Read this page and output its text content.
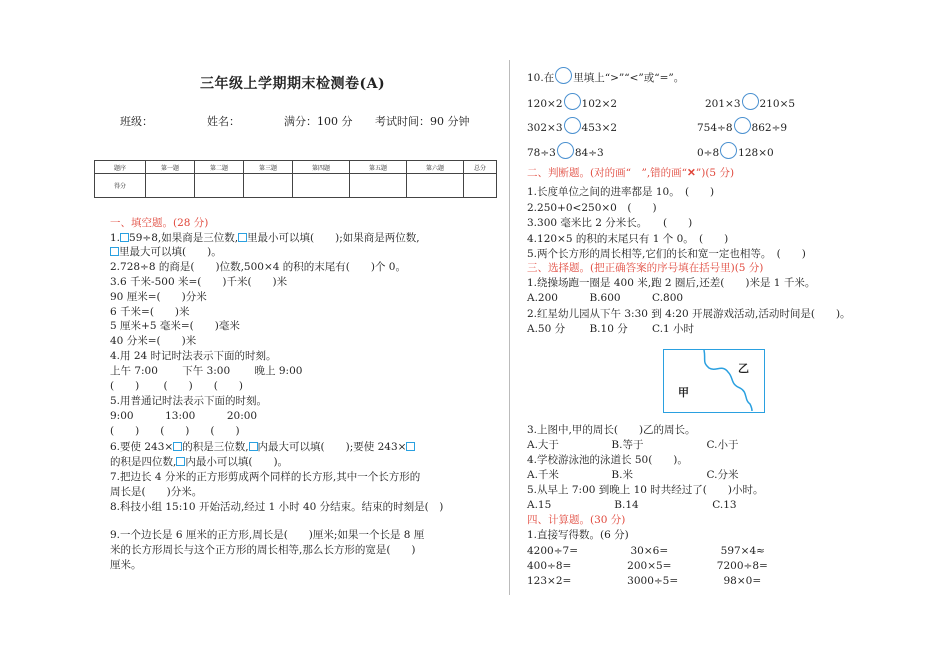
三年级上学期期末检测卷(A)
班级：	姓名：	满分：100 分 考试时间：90 分钟
题序	第一题	第二题	第三题	第四题	第五题	第六题	总分
得分							
一、填空题。(28 分)
1. 59÷8,如果商是三位数, 里最小可以填(　　);如果商是两位数,
里最大可以填(　　)。
2.728÷8 的商是(　　)位数,500×4 的积的末尾有(　　)个 0。
3.6 千米-500 米=(　　)千米(　　)米
90 厘米=(　　)分米
6 千米=(　　)米
5 厘米+5 毫米=(　　)毫米
40 分米=(　　)米
4.用 24 时记时法表示下面的时刻。
上午 7:00　　 下午 3:00　　 晚上 9:00
(　　)　　 (　　)　　(　　)
5.用普通记时法表示下面的时刻。
9:00　　　13:00　　　20:00
(　　)　　(　　)　　(　　)
6.要使 243× 的积是三位数, 内最大可以填(　　);要使 243×
的积是四位数, 内最小可以填(　　)。
7.把边长 4 分米的正方形剪成两个同样的长方形,其中一个长方形的
周长是(　　)分米。
8.科技小组 15:10 开始活动,经过 1 小时 40 分结束。结束的时刻是(　)
9.一个边长是 6 厘米的正方形,周长是(　　)厘米;如果一个长是 8 厘
米的长方形周长与这个正方形的周长相等,那么长方形的宽是(　　)
厘米。
10.在 里填上“>”“<”或“=”。
120×2 102×2	201×3 210×5
302×3 453×2	754÷8 862÷9
78÷3 84÷3	0÷8 128×0
二、判断题。(对的画“　”,错的画“✕”)(5 分)
1.长度单位之间的进率都是 10。　(　　)
2.250+0<250×0　(　　)
3.300 毫米比 2 分米长。　　(　　)
4.120×5 的积的末尾只有 1 个 0。　(　　)
5.两个长方形的周长相等,它们的长和宽一定也相等。　(　　)
三、选择题。(把正确答案的序号填在括号里)(5 分)
1.绕操场跑一圈是 400 米,跑 2 圈后,还差(　　)米是 1 千米。
A.200　　　B.600　　　C.800
2.红星幼儿园从下午 3:30 到 4:20 开展游戏活动,活动时间是(　　)。
A.50 分　　 B.10 分　　 C.1 小时
甲
乙
3.上图中,甲的周长(　　)乙的周长。
A.大于　　　　　B.等于　　　　　　C.小于
4.学校游泳池的泳道长 50(　　)。
A.千米　　　　　B.米　　　　　　　C.分米
5.从早上 7:00 到晚上 10 时共经过了(　　)小时。
A.15　　　　　　B.14　　　　　　　C.13
四、计算题。(30 分)
1.直接写得数。(6 分)
4200÷7=　　　　　30×6=　　　　　597×4≈
400÷8=　　　　　 200×5=　　　　 7200÷8=
123×2=　　　　　 3000÷5=　　　　 98×0=
